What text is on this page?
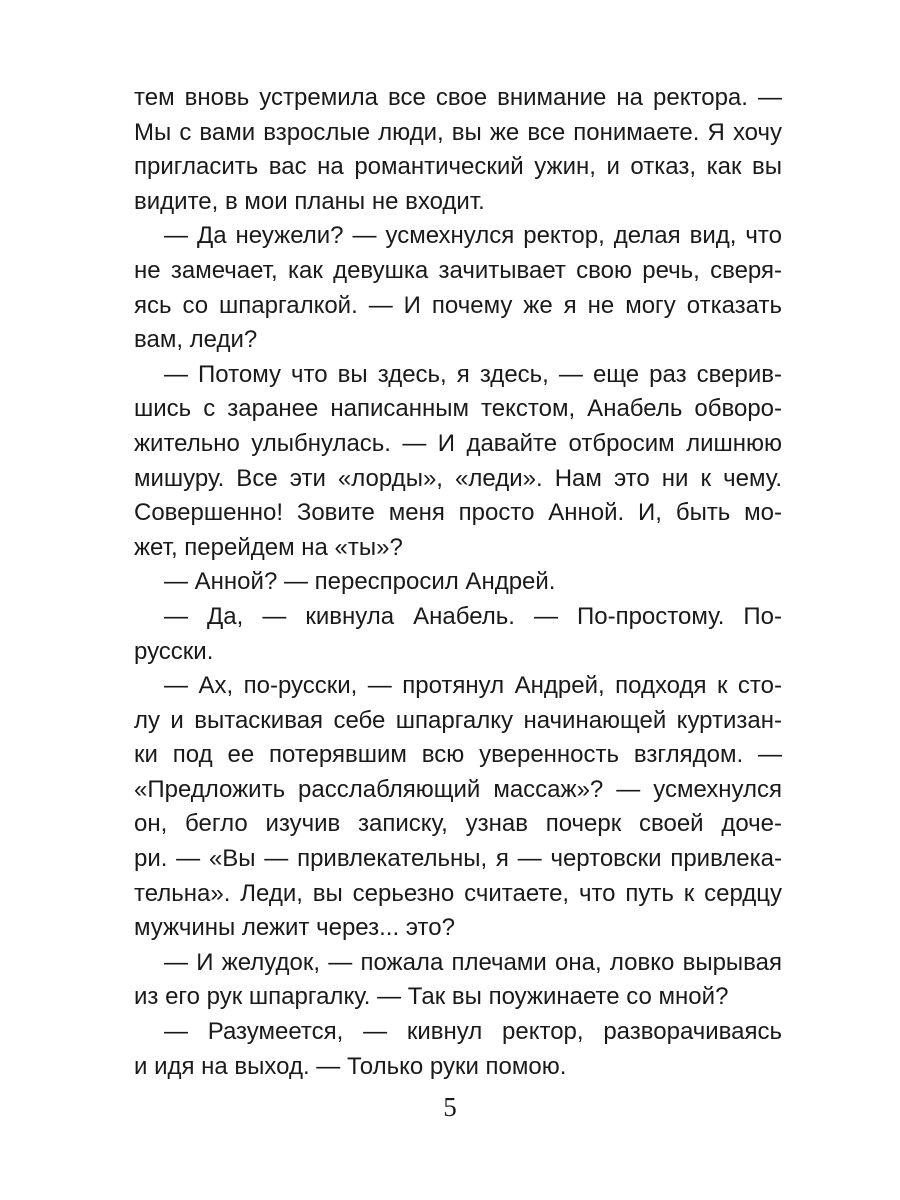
тем вновь устремила все свое внимание на ректора. —
Мы с вами взрослые люди, вы же все понимаете. Я хочу
пригласить вас на романтический ужин, и отказ, как вы
видите, в мои планы не входит.
— Да неужели? — усмехнулся ректор, делая вид, что
не замечает, как девушка зачитывает свою речь, сверя-
ясь со шпаргалкой. — И почему же я не могу отказать
вам, леди?
— Потому что вы здесь, я здесь, — еще раз сверив-
шись с заранее написанным текстом, Анабель обворо-
жительно улыбнулась. — И давайте отбросим лишнюю
мишуру. Все эти «лорды», «леди». Нам это ни к чему.
Совершенно! Зовите меня просто Анной. И, быть мо-
жет, перейдем на «ты»?
— Анной? — переспросил Андрей.
— Да, — кивнула Анабель. — По-простому. По-
русски.
— Ах, по-русски, — протянул Андрей, подходя к сто-
лу и вытаскивая себе шпаргалку начинающей куртизан-
ки под ее потерявшим всю уверенность взглядом. —
«Предложить расслабляющий массаж»? — усмехнулся
он, бегло изучив записку, узнав почерк своей доче-
ри. — «Вы — привлекательны, я — чертовски привлека-
тельна». Леди, вы серьезно считаете, что путь к сердцу
мужчины лежит через... это?
— И желудок, — пожала плечами она, ловко вырывая
из его рук шпаргалку. — Так вы поужинаете со мной?
— Разумеется, — кивнул ректор, разворачиваясь
и идя на выход. — Только руки помою.
5
